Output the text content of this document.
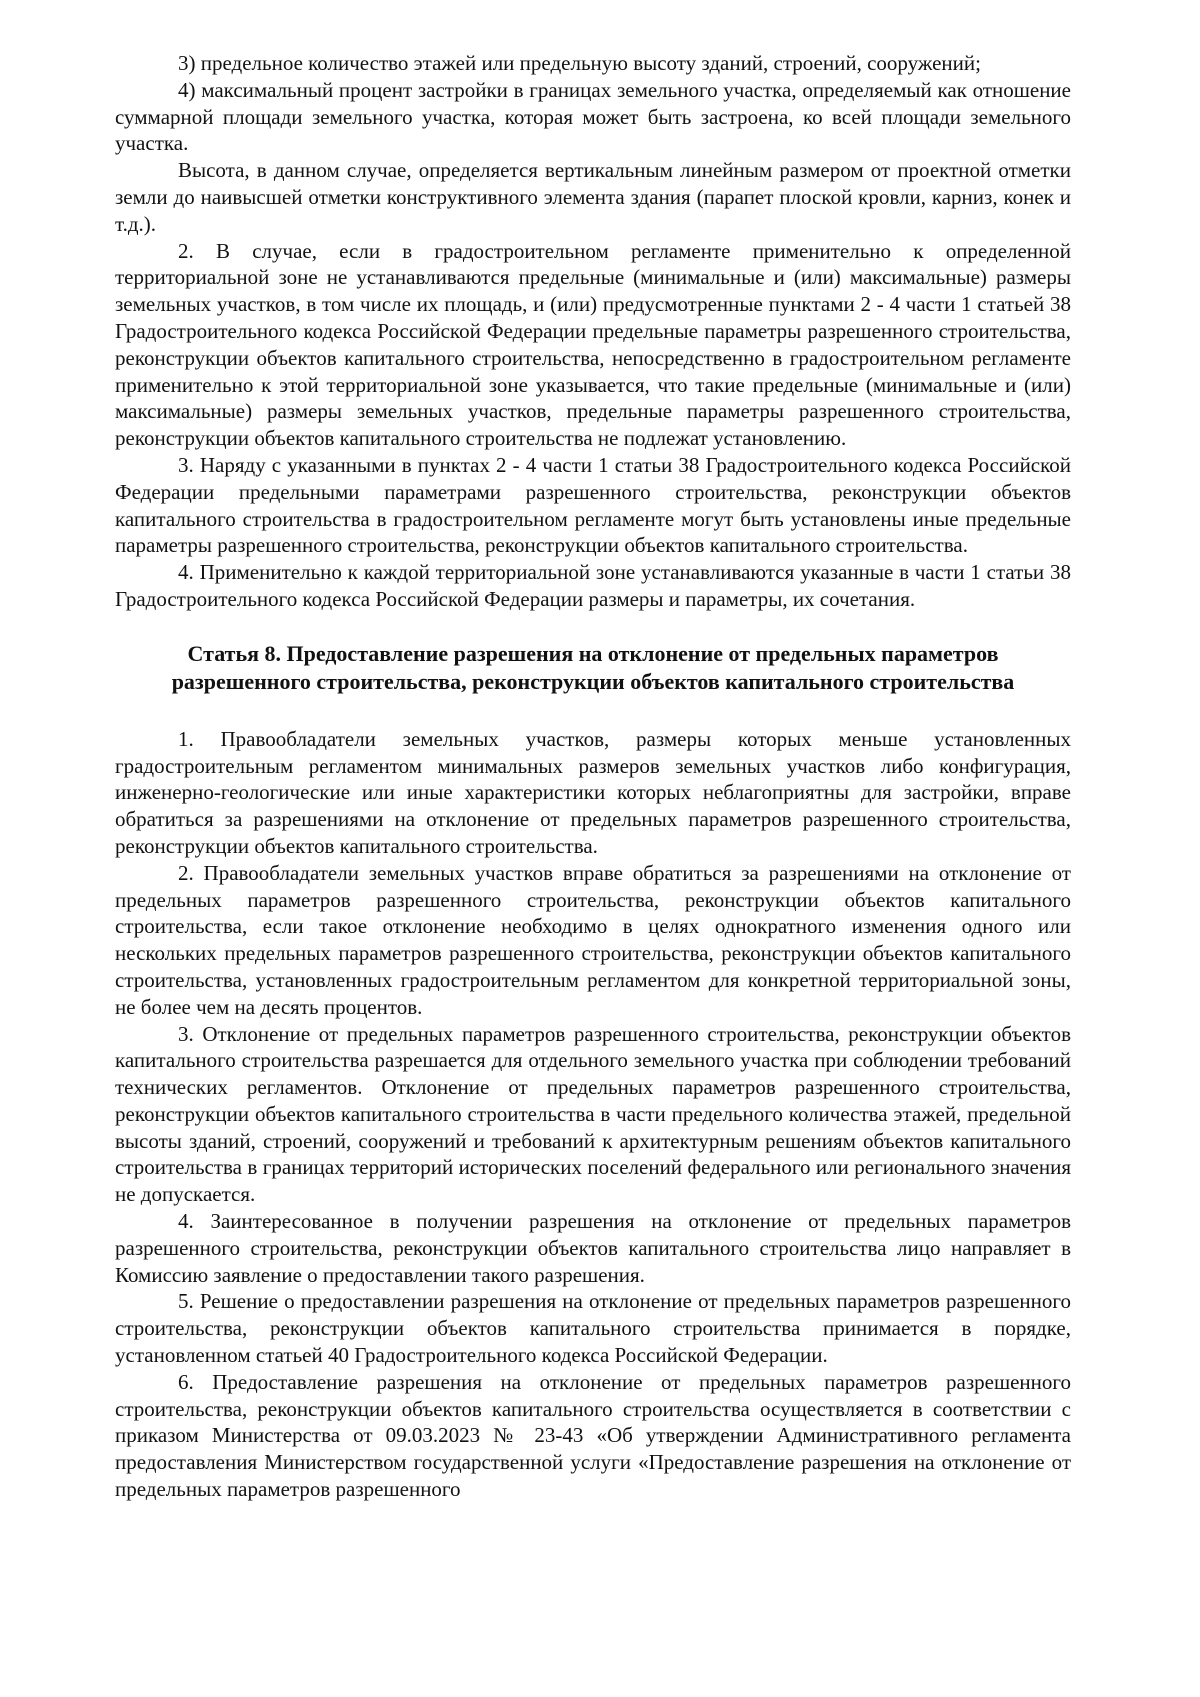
3) предельное количество этажей или предельную высоту зданий, строений, сооружений;

4) максимальный процент застройки в границах земельного участка, определяемый как отношение суммарной площади земельного участка, которая может быть застроена, ко всей площади земельного участка.

Высота, в данном случае, определяется вертикальным линейным размером от проектной отметки земли до наивысшей отметки конструктивного элемента здания (парапет плоской кровли, карниз, конек и т.д.).

2. В случае, если в градостроительном регламенте применительно к определенной территориальной зоне не устанавливаются предельные (минимальные и (или) максимальные) размеры земельных участков, в том числе их площадь, и (или) предусмотренные пунктами 2 - 4 части 1 статьей 38 Градостроительного кодекса Российской Федерации предельные параметры разрешенного строительства, реконструкции объектов капитального строительства, непосредственно в градостроительном регламенте применительно к этой территориальной зоне указывается, что такие предельные (минимальные и (или) максимальные) размеры земельных участков, предельные параметры разрешенного строительства, реконструкции объектов капитального строительства не подлежат установлению.

3. Наряду с указанными в пунктах 2 - 4 части 1 статьи 38 Градостроительного кодекса Российской Федерации предельными параметрами разрешенного строительства, реконструкции объектов капитального строительства в градостроительном регламенте могут быть установлены иные предельные параметры разрешенного строительства, реконструкции объектов капитального строительства.

4. Применительно к каждой территориальной зоне устанавливаются указанные в части 1 статьи 38 Градостроительного кодекса Российской Федерации размеры и параметры, их сочетания.

Статья 8. Предоставление разрешения на отклонение от предельных параметров
разрешенного строительства, реконструкции объектов капитального строительства

1. Правообладатели земельных участков, размеры которых меньше установленных градостроительным регламентом минимальных размеров земельных участков либо конфигурация, инженерно-геологические или иные характеристики которых неблагоприятны для застройки, вправе обратиться за разрешениями на отклонение от предельных параметров разрешенного строительства, реконструкции объектов капитального строительства.

2. Правообладатели земельных участков вправе обратиться за разрешениями на отклонение от предельных параметров разрешенного строительства, реконструкции объектов капитального строительства, если такое отклонение необходимо в целях однократного изменения одного или нескольких предельных параметров разрешенного строительства, реконструкции объектов капитального строительства, установленных градостроительным регламентом для конкретной территориальной зоны, не более чем на десять процентов.

3. Отклонение от предельных параметров разрешенного строительства, реконструкции объектов капитального строительства разрешается для отдельного земельного участка при соблюдении требований технических регламентов. Отклонение от предельных параметров разрешенного строительства, реконструкции объектов капитального строительства в части предельного количества этажей, предельной высоты зданий, строений, сооружений и требований к архитектурным решениям объектов капитального строительства в границах территорий исторических поселений федерального или регионального значения не допускается.

4. Заинтересованное в получении разрешения на отклонение от предельных параметров разрешенного строительства, реконструкции объектов капитального строительства лицо направляет в Комиссию заявление о предоставлении такого разрешения.

5. Решение о предоставлении разрешения на отклонение от предельных параметров разрешенного строительства, реконструкции объектов капитального строительства принимается в порядке, установленном статьей 40 Градостроительного кодекса Российской Федерации.

6. Предоставление разрешения на отклонение от предельных параметров разрешенного строительства, реконструкции объектов капитального строительства осуществляется в соответствии с приказом Министерства от 09.03.2023 № 23-43 «Об утверждении Административного регламента предоставления Министерством государственной услуги «Предоставление разрешения на отклонение от предельных параметров разрешенного
